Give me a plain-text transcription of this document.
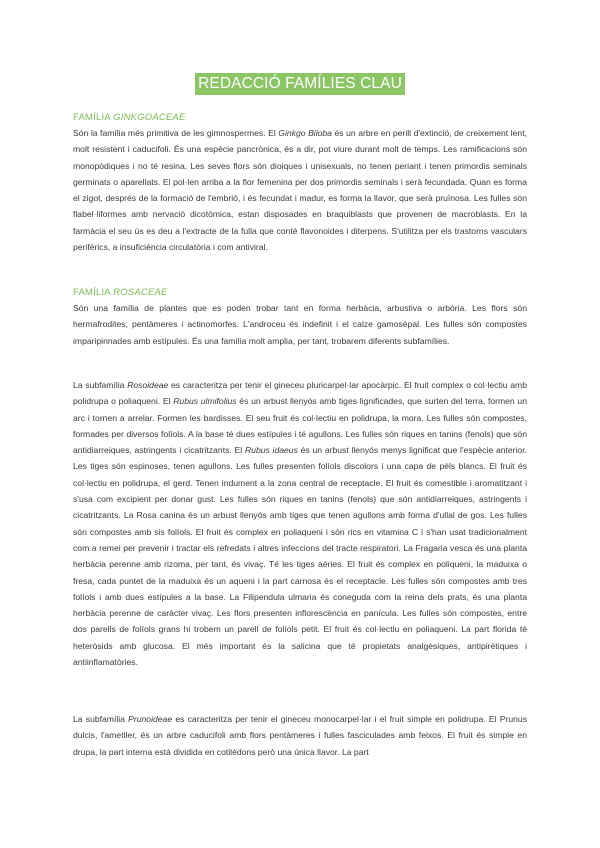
REDACCIÓ FAMÍLIES CLAU
FAMÍLIA GINKGOACEAE

Són la família més primitiva de les gimnospermes. El Ginkgo Biloba és un arbre en perill d'extinció, de creixement lent, molt resistent i caducifoli. És una espècie pancrònica, és a dir, pot viure durant molt de temps. Les ramificacions són monopòdiques i no té resina. Les seves flors són dioiques i unisexuals, no tenen periant i tenen primordis seminals germinats o aparellats. El pol·len arriba a la flor femenina per dos primordis seminals i serà fecundada. Quan es forma el zigot, després de la formació de l'embrió, i és fecundat i madur, es forma la llavor, que serà pruïnosa. Les fulles són flabel·liformes amb nervació dicotòmica, estan disposades en braquiblasts que provenen de macroblasts. En la farmàcia el seu ús es deu a l'extracte de la fulla que conté flavonoides i diterpens. S'utilitza per els trastorns vasculars perifèrics, a insuficiència circulatòria i com antiviral.

FAMÍLIA ROSACEAE

Són una família de plantes que es poden trobar tant en forma herbàcia, arbustiva o arbòria. Les flors són hermafrodites, pentàmeres i actinomorfes. L'androceu és indefinit i el calze gamosèpal. Les fulles són compostes imparipinnades amb estípules. És una família molt amplia, per tant, trobarem diferents subfamílies.

La subfamília Rosoideae es caracteritza per tenir el gineceu pluricarpel·lar apocàrpic. El fruit complex o col·lectiu amb polidrupa o poliaqueni. El Rubus ulmifolius és un arbust llenyós amb tiges lignificades, que surten del terra, formen un arc i tornen a arrelar. Formen les bardisses. El seu fruit és col·lectiu en polidrupa, la mora. Les fulles són compostes, formades per diversos folíols. A la base té dues estípules i té agullons. Les fulles són riques en tanins (fenols) que són antidiarreiques, astringents i cicatritzants. El Rubus idaeus és un arbust llenyós menys lignificat que l'espècie anterior. Les tiges són espinoses, tenen agullons. Les fulles presenten folíols discolors i una capa de pèls blancs. El fruit és col·lectiu en polidrupa, el gerd. Tenen indument a la zona central de receptacle. El fruit és comestible i aromatitzant i s'usa com excipient per donar gust. Les fulles són riques en tanins (fenols) que són antidiarreiques, astringents i cicatritzants. La Rosa canina és un arbust llenyós amb tiges que tenen agullons amb forma d'ullal de gos. Les fulles són compostes amb sis folíols. El fruit és complex en poliaqueni i són rics en vitamina C i s'han usat tradicionalment com a remei per prevenir i tractar els refredats i altres infeccions del tracte respiratori. La Fragaria vesca és una planta herbàcia perenne amb rizoma, per tant, és vivaç. Té les tiges aèries. El fruit és complex en poliqueni, la maduixa o fresa, cada puntet de la maduixa és un aqueni i la part carnosa és el receptacle. Les fulles són compostes amb tres folíols i amb dues estípules a la base. La Filipendula ulmaria és coneguda com la reina dels prats, és una planta herbàcia perenne de caràcter vivaç. Les flors presenten inflorescència en panícula. Les fulles són compostes, entre dos parells de folíols grans hi trobem un parell de folíols petit. El fruit és col·lectiu en poliaqueni. La part florida té heteròsids amb glucosa. El més important és la salicina que té propietats analgèsiques, antipirètiques i antiinflamatòries.

La subfamília Prunoideae es caracteritza per tenir el gineceu monocarpel·lar i el fruit simple en polidrupa. El Prunus dulcis, l'ametller, és un arbre caducifoli amb flors pentàmeres i fulles fasciculades amb feixos. El fruit és simple en drupa, la part interna està dividida en cotilèdons però una única llavor. La part
